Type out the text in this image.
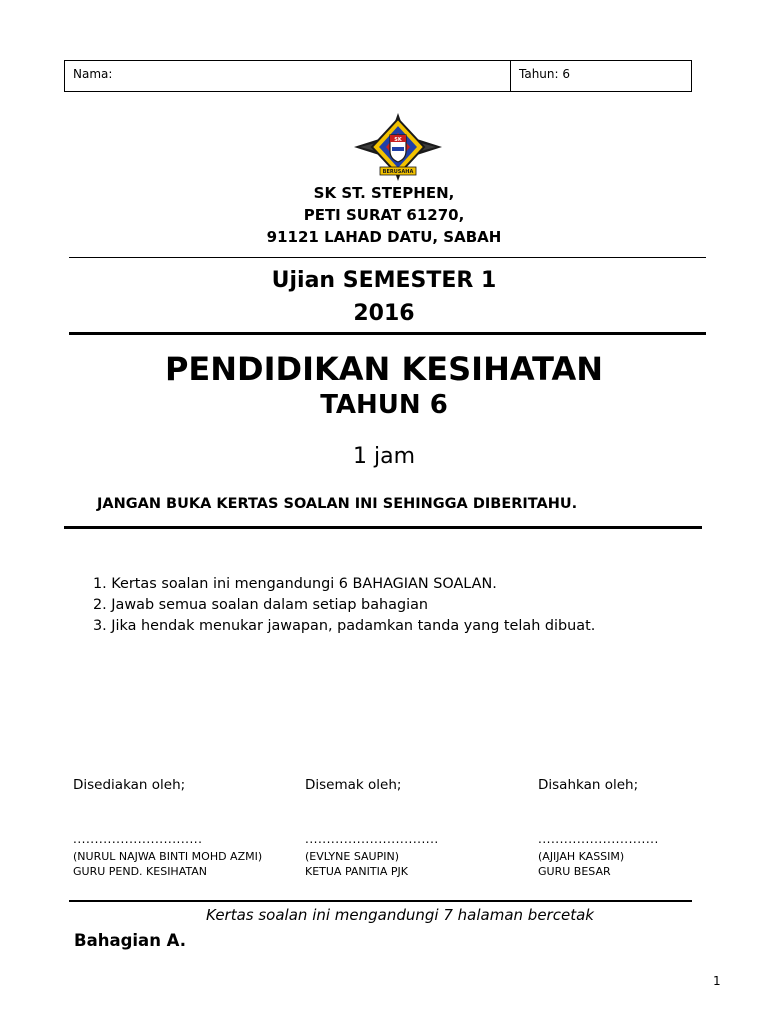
Nama:	Tahun: 6
SK
BERUSAHA
SK ST. STEPHEN,
PETI SURAT 61270,
91121 LAHAD DATU, SABAH
Ujian SEMESTER 1
2016
PENDIDIKAN KESIHATAN
TAHUN 6
1 jam
JANGAN BUKA KERTAS SOALAN INI SEHINGGA DIBERITAHU.
1. Kertas soalan ini mengandungi 6 BAHAGIAN SOALAN.
2. Jawab semua soalan dalam setiap bahagian
3. Jika hendak menukar jawapan, padamkan tanda yang telah dibuat.
Disediakan oleh;
..............................
(NURUL NAJWA BINTI MOHD AZMI)
GURU PEND. KESIHATAN
Disemak oleh;
...............................
(EVLYNE SAUPIN)
KETUA PANITIA PJK
Disahkan oleh;
............................
(AJIJAH KASSIM)
GURU BESAR
Kertas soalan ini mengandungi 7 halaman bercetak
Bahagian A.
1
